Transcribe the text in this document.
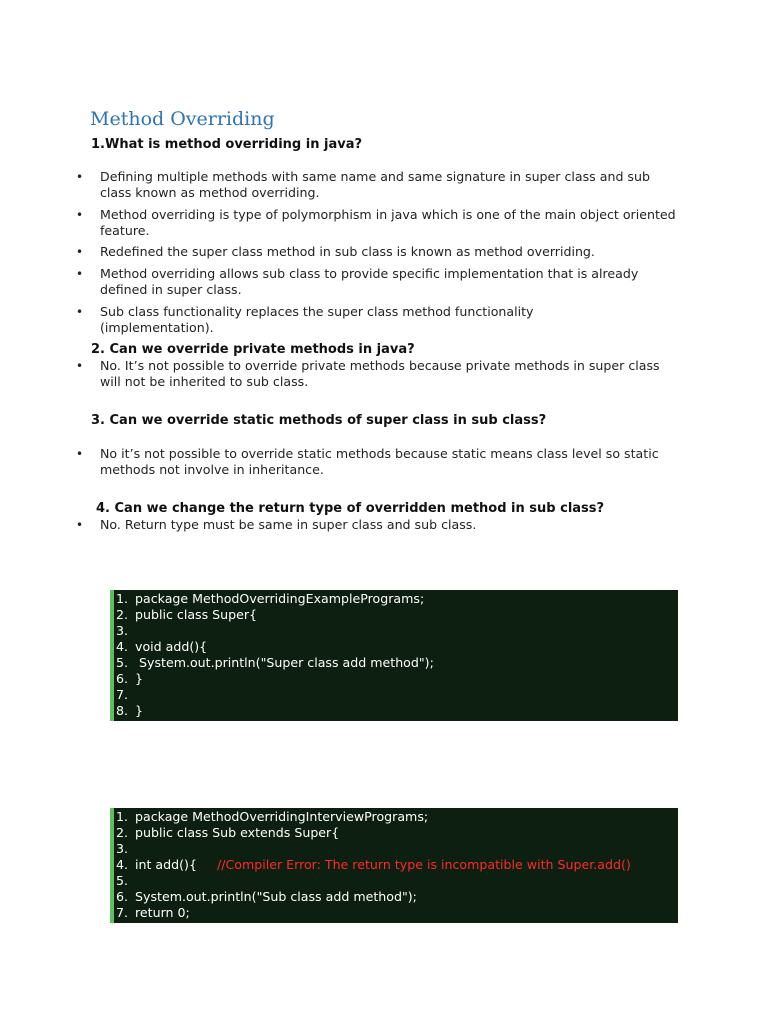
Method Overriding
1.What is method overriding in java?
• Defining multiple methods with same name and same signature in super class and sub class known as method overriding.
• Method overriding is type of polymorphism in java which is one of the main object oriented feature.
• Redefined the super class method in sub class is known as method overriding.
• Method overriding allows sub class to provide specific implementation that is already defined in super class.
• Sub class functionality replaces the super class method functionality (implementation).
2. Can we override private methods in java?
• No. It’s not possible to override private methods because private methods in super class will not be inherited to sub class.
3. Can we override static methods of super class in sub class?
• No it’s not possible to override static methods because static means class level so static methods not involve in inheritance.
4. Can we change the return type of overridden method in sub class?
• No. Return type must be same in super class and sub class.
1. package MethodOverridingExamplePrograms;
2. public class Super{
3.
4. void add(){
5. System.out.println("Super class add method");
6. }
7.
8. }
1. package MethodOverridingInterviewPrograms;
2. public class Sub extends Super{
3.
4. int add(){     //Compiler Error: The return type is incompatible with Super.add()
5.
6. System.out.println("Sub class add method");
7. return 0;
